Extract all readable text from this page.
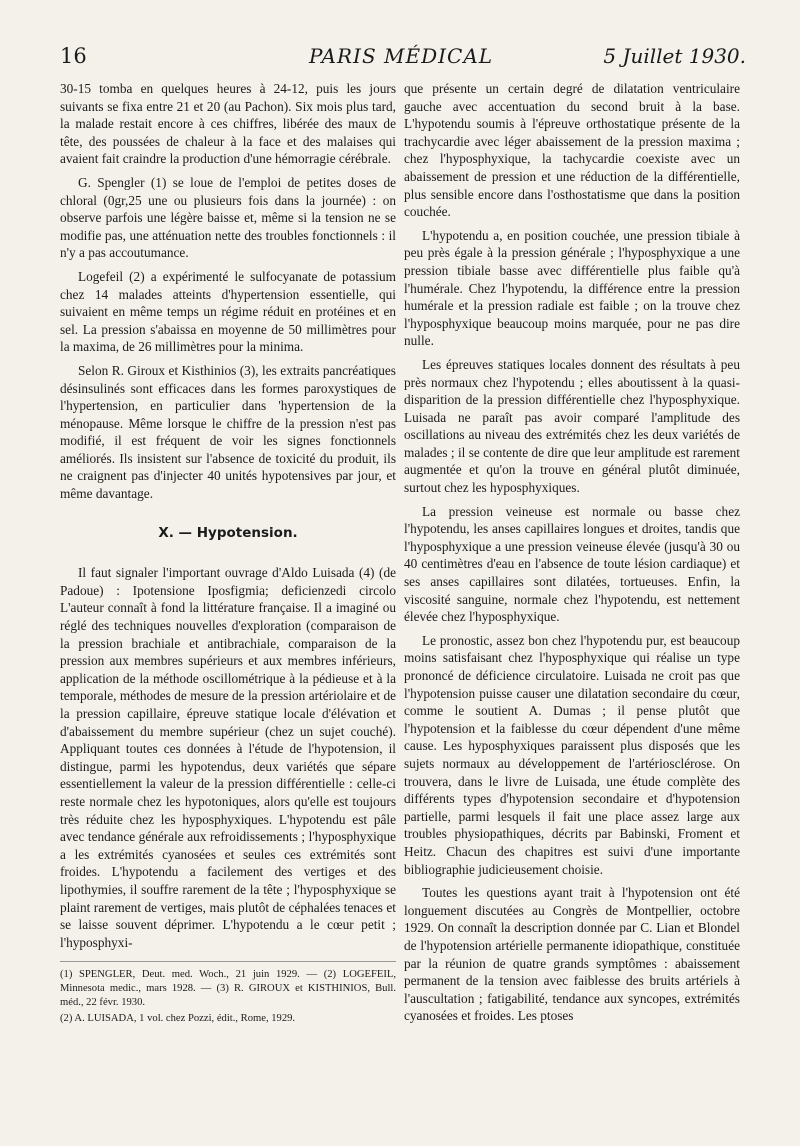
16	PARIS MÉDICAL	5 Juillet 1930.

30-15 tomba en quelques heures à 24-12, puis les jours suivants se fixa entre 21 et 20 (au Pachon). Six mois plus tard, la malade restait encore à ces chiffres, libérée des maux de tête, des poussées de chaleur à la face et des malaises qui avaient fait craindre la production d'une hémorragie cérébrale.

G. Spengler (1) se loue de l'emploi de petites doses de chloral (0gr,25 une ou plusieurs fois dans la journée) : on observe parfois une légère baisse et, même si la tension ne se modifie pas, une atténuation nette des troubles fonctionnels : il n'y a pas accoutumance.

Logefeil (2) a expérimenté le sulfocyanate de potassium chez 14 malades atteints d'hypertension essentielle, qui suivaient en même temps un régime réduit en protéines et en sel. La pression s'abaissa en moyenne de 50 millimètres pour la maxima, de 26 millimètres pour la minima.

Selon R. Giroux et Kisthinios (3), les extraits pancréatiques désinsulinés sont efficaces dans les formes paroxystiques de l'hypertension, en particulier dans 'hypertension de la ménopause. Même lorsque le chiffre de la pression n'est pas modifié, il est fréquent de voir les signes fonctionnels améliorés. Ils insistent sur l'absence de toxicité du produit, ils ne craignent pas d'injecter 40 unités hypotensives par jour, et même davantage.

X. — Hypotension.

Il faut signaler l'important ouvrage d'Aldo Luisada (4) (de Padoue) : Ipotensione Iposfigmia; deficienzedi circolo L'auteur connaît à fond la littérature française. Il a imaginé ou réglé des techniques nouvelles d'exploration (comparaison de la pression brachiale et antibrachiale, comparaison de la pression aux membres supérieurs et aux membres inférieurs, application de la méthode oscillométrique à la pédieuse et à la temporale, méthodes de mesure de la pression artériolaire et de la pression capillaire, épreuve statique locale d'élévation et d'abaissement du membre supérieur (chez un sujet couché). Appliquant toutes ces données à l'étude de l'hypotension, il distingue, parmi les hypotendus, deux variétés que sépare essentiellement la valeur de la pression différentielle : celle-ci reste normale chez les hypotoniques, alors qu'elle est toujours très réduite chez les hyposphyxiques. L'hypotendu est pâle avec tendance générale aux refroidissements ; l'hyposphyxique a les extrémités cyanosées et seules ces extrémités sont froides. L'hypotendu a facilement des vertiges et des lipothymies, il souffre rarement de la tête ; l'hyposphyxique se plaint rarement de vertiges, mais plutôt de céphalées tenaces et se laisse souvent déprimer. L'hypotendu a le cœur petit ; l'hyposphyxi-

(1) SPENGLER, Deut. med. Woch., 21 juin 1929. — (2) LOGEFEIL, Minnesota medic., mars 1928. — (3) R. GIROUX et KISTHINIOS, Bull. méd., 22 févr. 1930.
(2) A. LUISADA, 1 vol. chez Pozzi, édit., Rome, 1929.

que présente un certain degré de dilatation ventriculaire gauche avec accentuation du second bruit à la base. L'hypotendu soumis à l'épreuve orthostatique présente de la trachycardie avec léger abaissement de la pression maxima ; chez l'hyposphyxique, la tachycardie coexiste avec un abaissement de pression et une réduction de la différentielle, plus sensible encore dans l'osthostatisme que dans la position couchée.

L'hypotendu a, en position couchée, une pression tibiale à peu près égale à la pression générale ; l'hyposphyxique a une pression tibiale basse avec différentielle plus faible qu'à l'humérale. Chez l'hypotendu, la différence entre la pression humérale et la pression radiale est faible ; on la trouve chez l'hyposphyxique beaucoup moins marquée, pour ne pas dire nulle.

Les épreuves statiques locales donnent des résultats à peu près normaux chez l'hypotendu ; elles aboutissent à la quasi-disparition de la pression différentielle chez l'hyposphyxique. Luisada ne paraît pas avoir comparé l'amplitude des oscillations au niveau des extrémités chez les deux variétés de malades ; il se contente de dire que leur amplitude est rarement augmentée et qu'on la trouve en général plutôt diminuée, surtout chez les hyposphyxiques.

La pression veineuse est normale ou basse chez l'hypotendu, les anses capillaires longues et droites, tandis que l'hyposphyxique a une pression veineuse élevée (jusqu'à 30 ou 40 centimètres d'eau en l'absence de toute lésion cardiaque) et ses anses capillaires sont dilatées, tortueuses. Enfin, la viscosité sanguine, normale chez l'hypotendu, est nettement élevée chez l'hyposphyxique.

Le pronostic, assez bon chez l'hypotendu pur, est beaucoup moins satisfaisant chez l'hyposphyxique qui réalise un type prononcé de déficience circulatoire. Luisada ne croit pas que l'hypotension puisse causer une dilatation secondaire du cœur, comme le soutient A. Dumas ; il pense plutôt que l'hypotension et la faiblesse du cœur dépendent d'une même cause. Les hyposphyxiques paraissent plus disposés que les sujets normaux au développement de l'artériosclérose. On trouvera, dans le livre de Luisada, une étude complète des différents types d'hypotension secondaire et d'hypotension partielle, parmi lesquels il fait une place assez large aux troubles physiopathiques, décrits par Babinski, Froment et Heitz. Chacun des chapitres est suivi d'une importante bibliographie judicieusement choisie.

Toutes les questions ayant trait à l'hypotension ont été longuement discutées au Congrès de Montpellier, octobre 1929. On connaît la description donnée par C. Lian et Blondel de l'hypotension artérielle permanente idiopathique, constituée par la réunion de quatre grands symptômes : abaissement permanent de la tension avec faiblesse des bruits artériels à l'auscultation ; fatigabilité, tendance aux syncopes, extrémités cyanosées et froides. Les ptoses
